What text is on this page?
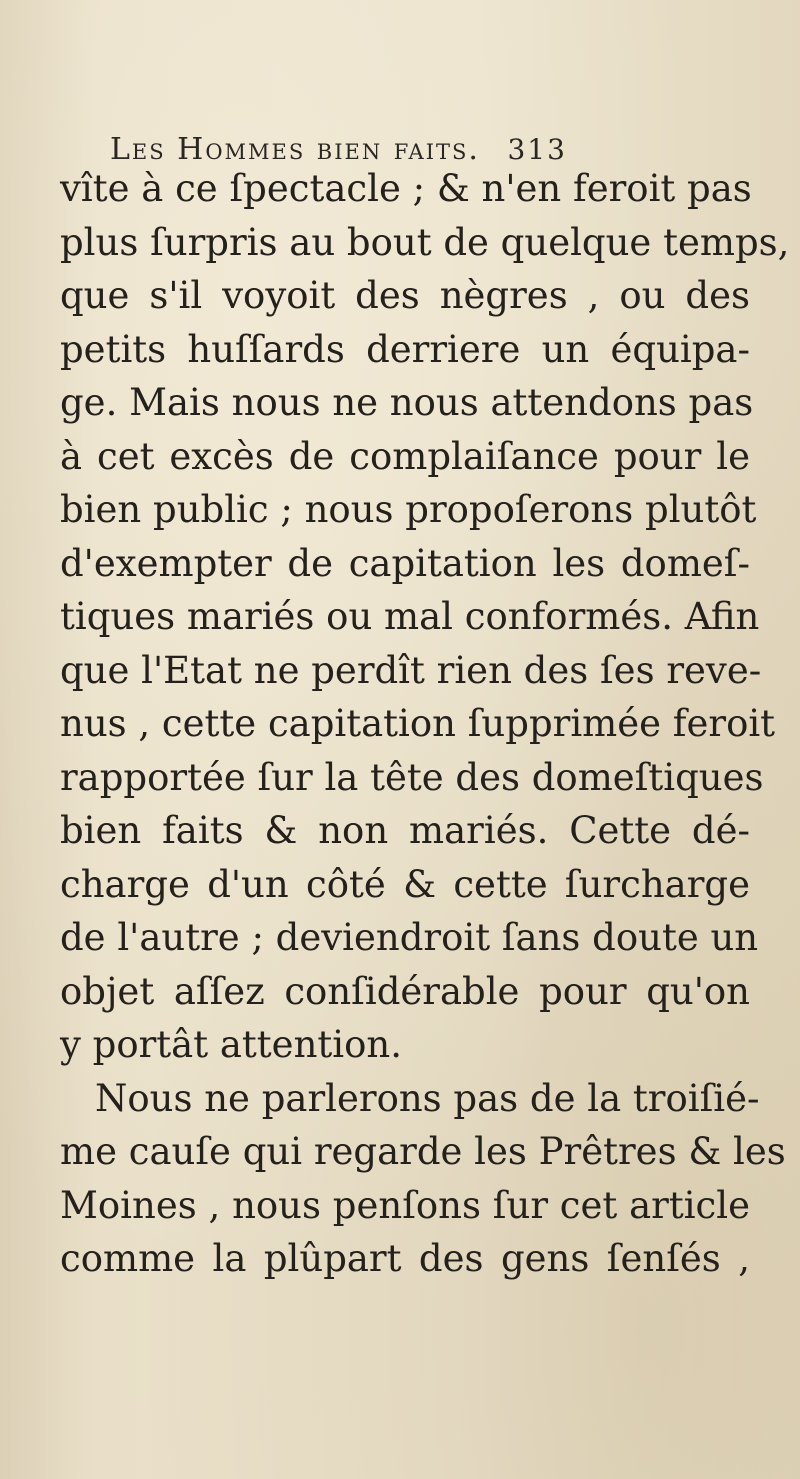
Les Hommes bien faits. 313
vîte à ce ſpectacle ; & n'en feroit pas
plus ſurpris au bout de quelque temps,
que s'il voyoit des nègres , ou des
petits huſſards derriere un équipa-
ge. Mais nous ne nous attendons pas
à cet excès de complaiſance pour le
bien public ; nous propoſerons plutôt
d'exempter de capitation les domeſ-
tiques mariés ou mal conformés. Afin
que l'Etat ne perdît rien des ſes reve-
nus , cette capitation ſupprimée feroit
rapportée ſur la tête des domeſtiques
bien faits & non mariés. Cette dé-
charge d'un côté & cette ſurcharge
de l'autre ; deviendroit ſans doute un
objet aſſez conſidérable pour qu'on
y portât attention.
Nous ne parlerons pas de la troiſié-
me cauſe qui regarde les Prêtres & les
Moines , nous penſons ſur cet article
comme la plûpart des gens ſenſés ,
